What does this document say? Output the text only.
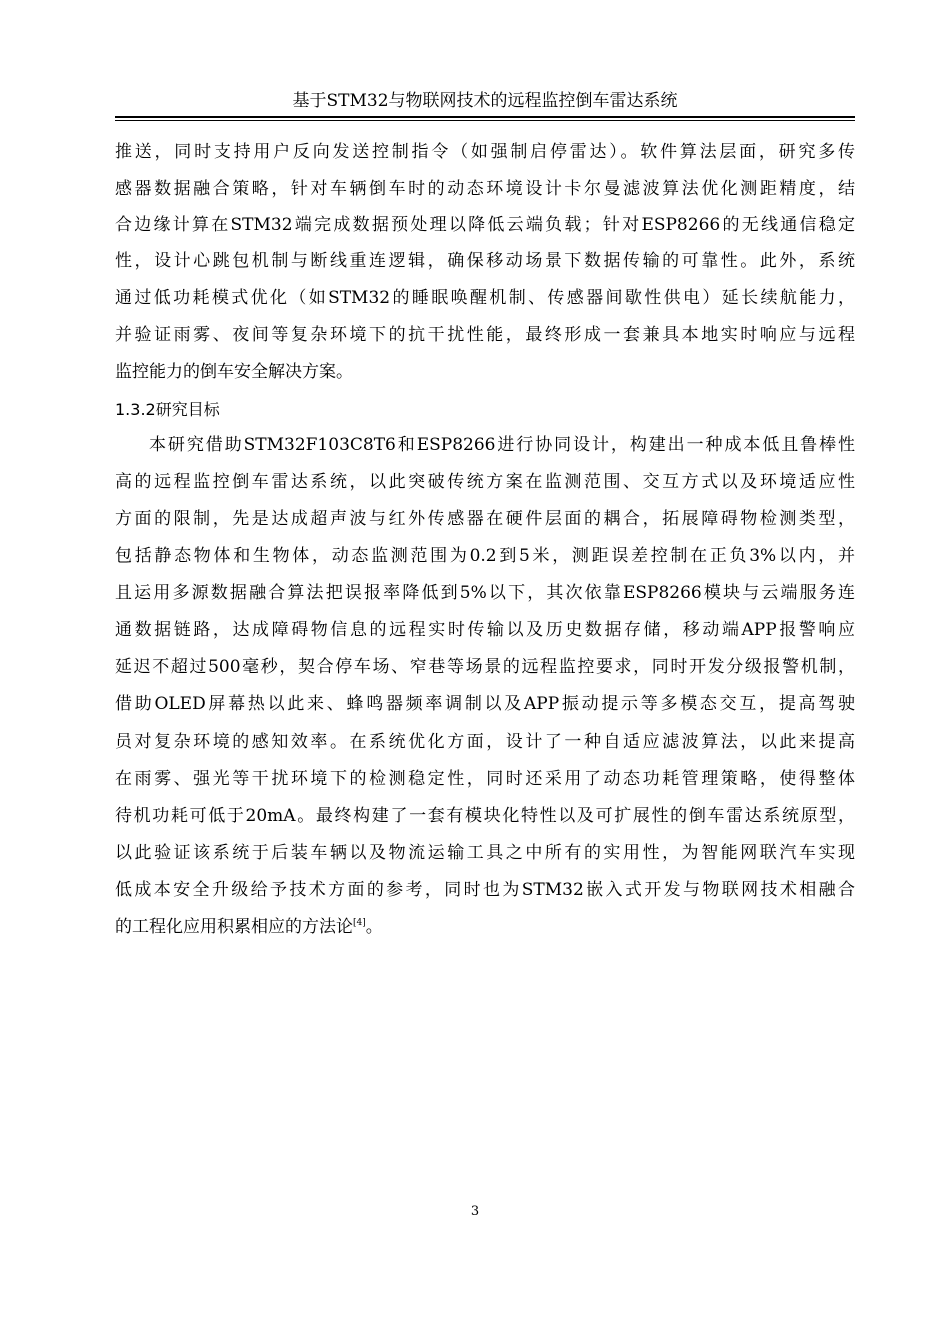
基于STM32与物联网技术的远程监控倒车雷达系统
推送，同时支持用户反向发送控制指令（如强制启停雷达）。软件算法层面，研究多传
感器数据融合策略，针对车辆倒车时的动态环境设计卡尔曼滤波算法优化测距精度，结
合边缘计算在STM32端完成数据预处理以降低云端负载；针对ESP8266的无线通信稳定
性，设计心跳包机制与断线重连逻辑，确保移动场景下数据传输的可靠性。此外，系统
通过低功耗模式优化（如STM32的睡眠唤醒机制、传感器间歇性供电）延长续航能力，
并验证雨雾、夜间等复杂环境下的抗干扰性能，最终形成一套兼具本地实时响应与远程
监控能力的倒车安全解决方案。
1.3.2研究目标
本研究借助STM32F103C8T6和ESP8266进行协同设计，构建出一种成本低且鲁棒性
高的远程监控倒车雷达系统，以此突破传统方案在监测范围、交互方式以及环境适应性
方面的限制，先是达成超声波与红外传感器在硬件层面的耦合，拓展障碍物检测类型，
包括静态物体和生物体，动态监测范围为0.2到5米，测距误差控制在正负3%以内，并
且运用多源数据融合算法把误报率降低到5%以下，其次依靠ESP8266模块与云端服务连
通数据链路，达成障碍物信息的远程实时传输以及历史数据存储，移动端APP报警响应
延迟不超过500毫秒，契合停车场、窄巷等场景的远程监控要求，同时开发分级报警机制，
借助OLED屏幕热以此来、蜂鸣器频率调制以及APP振动提示等多模态交互，提高驾驶
员对复杂环境的感知效率。在系统优化方面，设计了一种自适应滤波算法，以此来提高
在雨雾、强光等干扰环境下的检测稳定性，同时还采用了动态功耗管理策略，使得整体
待机功耗可低于20mA。最终构建了一套有模块化特性以及可扩展性的倒车雷达系统原型，
以此验证该系统于后装车辆以及物流运输工具之中所有的实用性，为智能网联汽车实现
低成本安全升级给予技术方面的参考，同时也为STM32嵌入式开发与物联网技术相融合
的工程化应用积累相应的方法论[4]。
3
